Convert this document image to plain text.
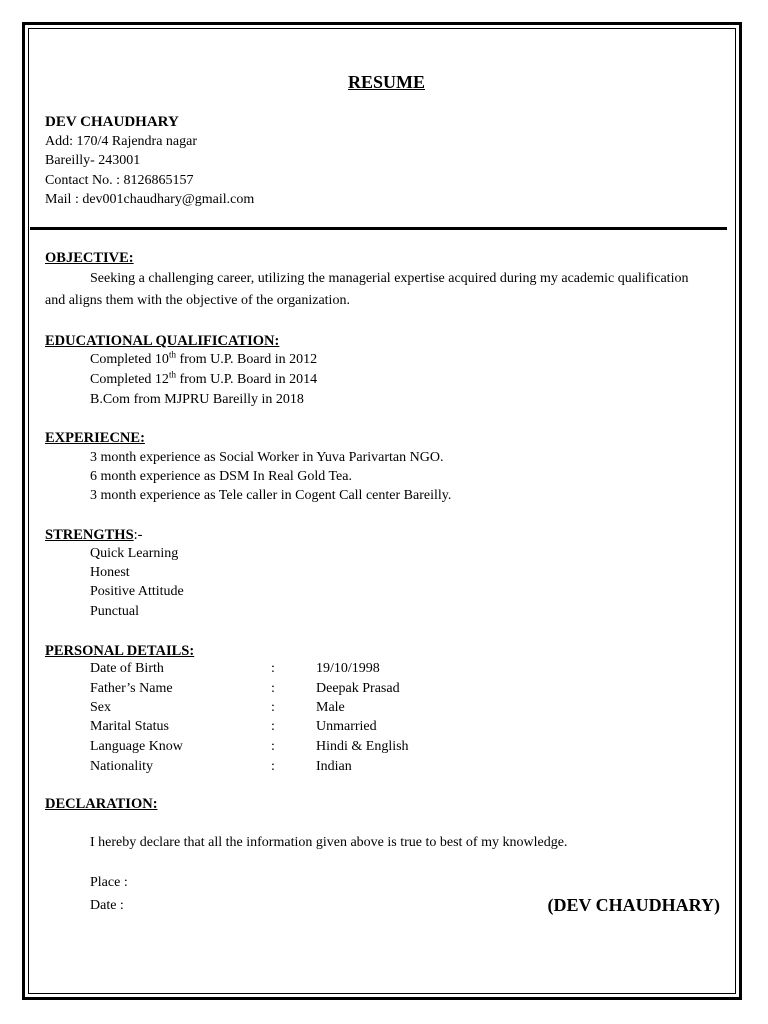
RESUME
DEV CHAUDHARY
Add: 170/4 Rajendra nagar
Bareilly- 243001
Contact No. : 8126865157
Mail : dev001chaudhary@gmail.com
OBJECTIVE:
Seeking a challenging career, utilizing the managerial expertise acquired during my academic qualification and aligns them with the objective of the organization.
EDUCATIONAL QUALIFICATION:
Completed 10th from U.P. Board in 2012
Completed 12th from U.P. Board in 2014
B.Com from MJPRU Bareilly in 2018
EXPERIECNE:
3 month experience as Social Worker in Yuva Parivartan NGO.
6 month experience as DSM In Real Gold Tea.
3 month experience as Tele caller in Cogent Call center Bareilly.
STRENGTHS:-
Quick Learning
Honest
Positive Attitude
Punctual
PERSONAL DETAILS:
Date of Birth	:	19/10/1998
Father’s Name	:	Deepak Prasad
Sex	:	Male
Marital Status	:	Unmarried
Language Know	:	Hindi & English
Nationality	:	Indian
DECLARATION:
I hereby declare that all the information given above is true to best of my knowledge.
Place :
Date :	(DEV CHAUDHARY)
